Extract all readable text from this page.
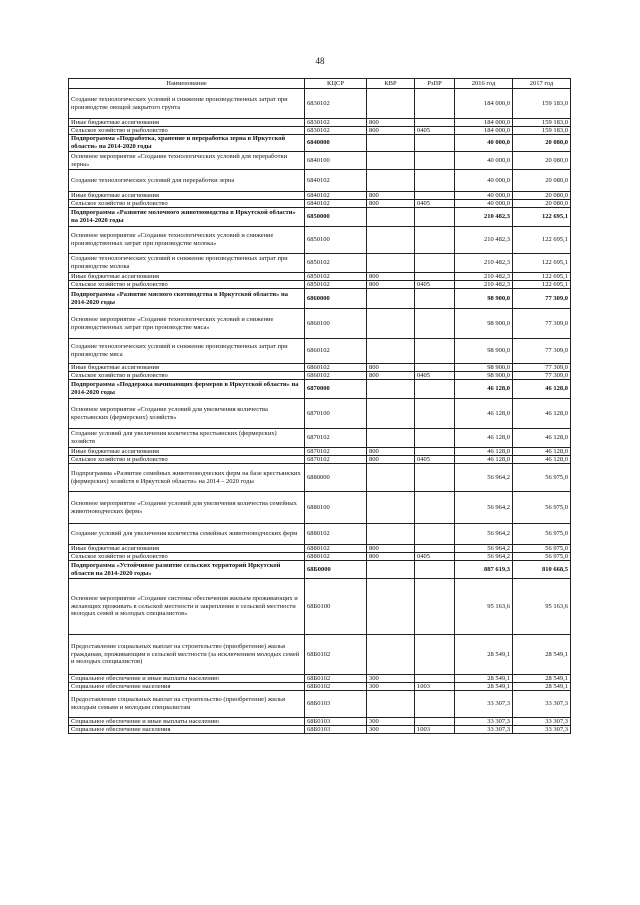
48
Наименование	КЦСР	КВР	РзПР	2016 год	2017 год
Создание технологических условий и снижение производственных затрат при производстве овощей закрытого грунта	6830102			184 000,0	159 183,0
Иные бюджетные ассигнования	6830102	800		184 000,0	159 183,0
Сельское хозяйство и рыболовство	6830102	800	0405	184 000,0	159 183,0
Подпрограмма «Подработка, хранение и переработка зерна в Иркутской области» на 2014-2020 годы	6840000			40 000,0	20 080,0
Основное мероприятие «Создание технологических условий для переработки зерна»	6840100			40 000,0	20 080,0
Создание технологических условий для переработки зерна	6840102			40 000,0	20 080,0
Иные бюджетные ассигнования	6840102	800		40 000,0	20 080,0
Сельское хозяйство и рыболовство	6840102	800	0405	40 000,0	20 080,0
Подпрограмма «Развитие молочного животноводства в Иркутской области» на 2014-2020 годы	6850000			210 482,3	122 695,1
Основное мероприятие «Создание технологических условий и снижение производственных затрат при производстве молока»	6850100			210 482,3	122 695,1
Создание технологических условий и снижение производственных затрат при производстве молока	6850102			210 482,3	122 695,1
Иные бюджетные ассигнования	6850102	800		210 482,3	122 695,1
Сельское хозяйство и рыболовство	6850102	800	0405	210 482,3	122 695,1
Подпрограмма «Развитие мясного скотоводства в Иркутской области» на 2014-2020 годы	6860000			98 900,0	77 309,0
Основное мероприятие «Создание технологических условий и снижение производственных затрат при производстве мяса»	6860100			98 900,0	77 309,0
Создание технологических условий и снижение производственных затрат при производстве мяса	6860102			98 900,0	77 309,0
Иные бюджетные ассигнования	6860102	800		98 900,0	77 309,0
Сельское хозяйство и рыболовство	6860102	800	0405	98 900,0	77 309,0
Подпрограмма «Поддержка начинающих фермеров в Иркутской области» на 2014-2020 годы	6870000			46 128,0	46 128,0
Основное мероприятие «Создание условий для увеличения количества крестьянских (фермерских) хозяйств»	6870100			46 128,0	46 128,0
Создание условий для увеличения количества крестьянских (фермерских) хозяйств	6870102			46 128,0	46 128,0
Иные бюджетные ассигнования	6870102	800		46 128,0	46 128,0
Сельское хозяйство и рыболовство	6870102	800	0405	46 128,0	46 128,0
Подпрограмма «Развитие семейных животноводческих ферм на базе крестьянских (фермерских) хозяйств в Иркутской области» на 2014 – 2020 годы	6880000			56 964,2	56 975,0
Основное мероприятие «Создание условий для увеличения количества семейных животноводческих ферм»	6880100			56 964,2	56 975,0
Создание условий для увеличения количества семейных животноводческих ферм	6880102			56 964,2	56 975,0
Иные бюджетные ассигнования	6880102	800		56 964,2	56 975,0
Сельское хозяйство и рыболовство	6880102	800	0405	56 964,2	56 975,0
Подпрограмма «Устойчивое развитие сельских территорий Иркутской области на 2014-2020 годы»	68Б0000			887 619,3	810 668,5
Основное мероприятие «Создание системы обеспечения жильем проживающих и желающих проживать в сельской местности и закрепление в сельской местности молодых семей и молодых специалистов»	68Б0100			95 163,6	95 163,6
Предоставление социальных выплат на строительство (приобретение) жилья гражданам, проживающим в сельской местности (за исключением молодых семей и молодых специалистов)	68Б0102			28 549,1	28 549,1
Социальное обеспечение и иные выплаты населению	68Б0102	300		28 549,1	28 549,1
Социальное обеспечение населения	68Б0102	300	1003	28 549,1	28 549,1
Предоставление социальных выплат на строительство (приобретение) жилья молодым семьям и молодым специалистам	68Б0103			33 307,3	33 307,3
Социальное обеспечение и иные выплаты населению	68Б0103	300		33 307,3	33 307,3
Социальное обеспечение населения	68Б0103	300	1003	33 307,3	33 307,3
